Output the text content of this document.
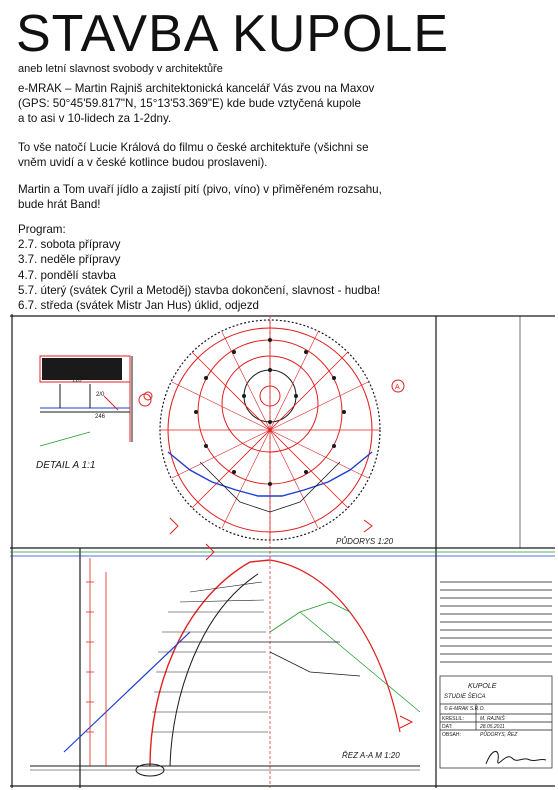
STAVBA KUPOLE
aneb letní slavnost svobody v architektůře

e-MRAK – Martin Rajniš architektonická kancelář Vás zvou na Maxov

(GPS: 50°45'59.817"N, 15°13'53.369"E) kde bude vztyčená kupole

a to asi v 10-lidech za 1-2dny.

To vše natočí Lucie Králová do filmu o české architektuře (všichni se

vněm uvidí a v české kotlince budou proslaveni).

Martin a Tom uvaří jídlo a zajistí pití (pivo, víno) v přiměřeném rozsahu,

bude hrát Band!

Program:
2.7. sobota přípravy
3.7. neděle přípravy
4.7. pondělí stavba
5.7. úterý (svátek Cyril a Metoděj) stavba dokončení, slavnost - hudba!
6.7. středa (svátek Mistr Jan Hus) úklid, odjezd
110
2/0
246
DETAIL A 1:1
A
PŮDORYS 1:20
ŘEZ A-A M 1:20
KUPOLE
STUDIE ŠEICA
© E-MRAK S.R.O.
KRESLIL:	M. RAJNIŠ
DAT:	28.05.2011
OBSAH:	PŮDORYS, ŘEZ
